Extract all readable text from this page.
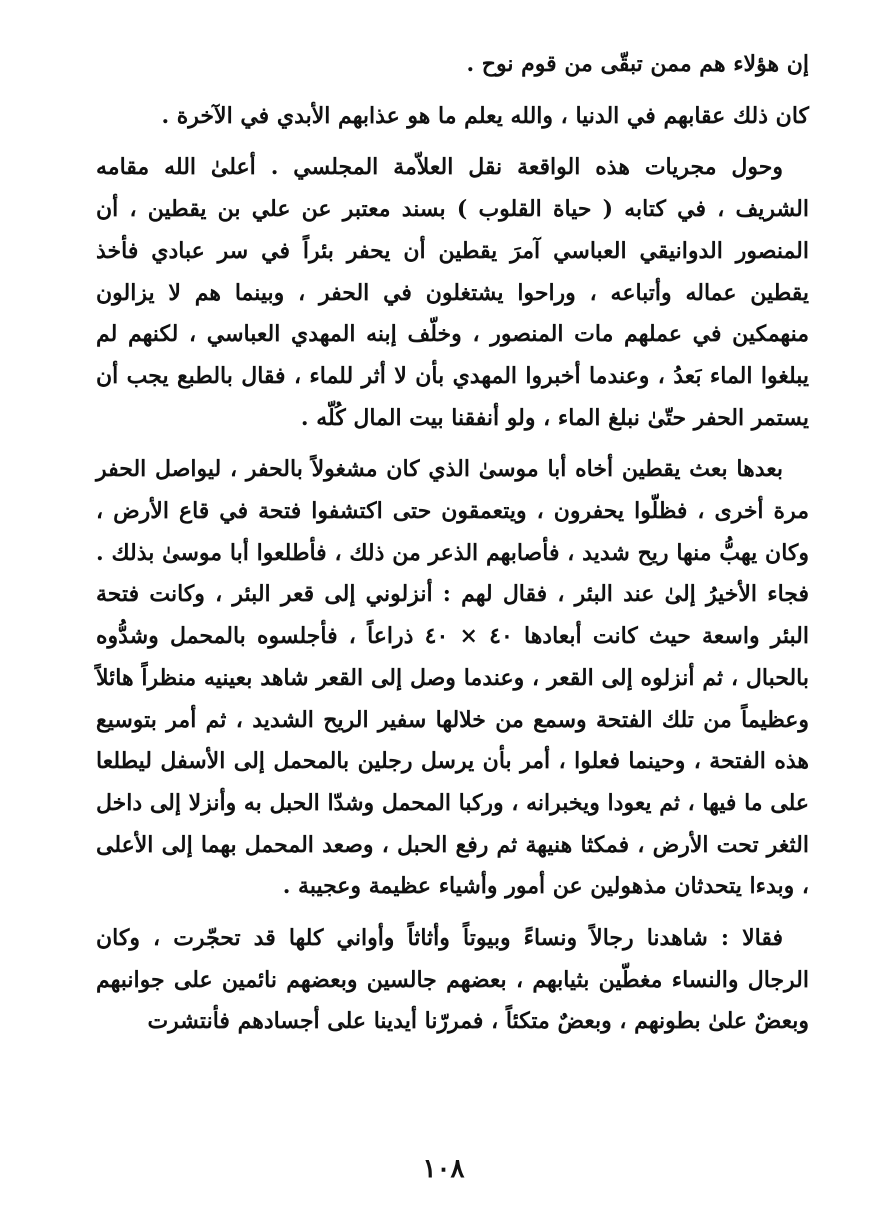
إن هؤلاء هم ممن تبقّى من قوم نوح .

كان ذلك عقابهم في الدنيا ، والله يعلم ما هو عذابهم الأبدي في الآخرة .

وحول مجريات هذه الواقعة نقل العلاّمة المجلسي . أعلىٰ الله مقامه الشريف ، في كتابه ( حياة القلوب ) بسند معتبر عن علي بن يقطين ، أن المنصور الدوانيقي العباسي آمرَ يقطين أن يحفر بئراً في سر عبادي فأخذ يقطين عماله وأتباعه ، وراحوا يشتغلون في الحفر ، وبينما هم لا يزالون منهمكين في عملهم مات المنصور ، وخلّف إبنه المهدي العباسي ، لكنهم لم يبلغوا الماء بَعدُ ، وعندما أخبروا المهدي بأن لا أثر للماء ، فقال بالطبع يجب أن يستمر الحفر حتّىٰ نبلغ الماء ، ولو أنفقنا بيت المال كُلّه .

بعدها بعث يقطين أخاه أبا موسىٰ الذي كان مشغولاً بالحفر ، ليواصل الحفر مرة أخرى ، فظلّوا يحفرون ، ويتعمقون حتى اكتشفوا فتحة في قاع الأرض ، وكان يهبُّ منها ريح شديد ، فأصابهم الذعر من ذلك ، فأطلعوا أبا موسىٰ بذلك . فجاء الأخيرُ إلىٰ عند البئر ، فقال لهم : أنزلوني إلى قعر البئر ، وكانت فتحة البئر واسعة حيث كانت أبعادها ٤٠ × ٤٠ ذراعاً ، فأجلسوه بالمحمل وشدُّوه بالحبال ، ثم أنزلوه إلى القعر ، وعندما وصل إلى القعر شاهد بعينيه منظراً هائلاً وعظيماً من تلك الفتحة وسمع من خلالها سفير الريح الشديد ، ثم أمر بتوسيع هذه الفتحة ، وحينما فعلوا ، أمر بأن يرسل رجلين بالمحمل إلى الأسفل ليطلعا على ما فيها ، ثم يعودا ويخبرانه ، وركبا المحمل وشدّا الحبل به وأنزلا إلى داخل الثغر تحت الأرض ، فمكثا هنيهة ثم رفع الحبل ، وصعد المحمل بهما إلى الأعلى ، وبدءا يتحدثان مذهولين عن أمور وأشياء عظيمة وعجيبة .

فقالا : شاهدنا رجالاً ونساءً وبيوتاً وأثاثاً وأواني كلها قد تحجّرت ، وكان الرجال والنساء مغطّين بثيابهم ، بعضهم جالسين وبعضهم نائمين على جوانبهم وبعضٌ علىٰ بطونهم ، وبعضٌ متكئاً ، فمررّنا أيدينا على أجسادهم فأنتشرت

١٠٨
